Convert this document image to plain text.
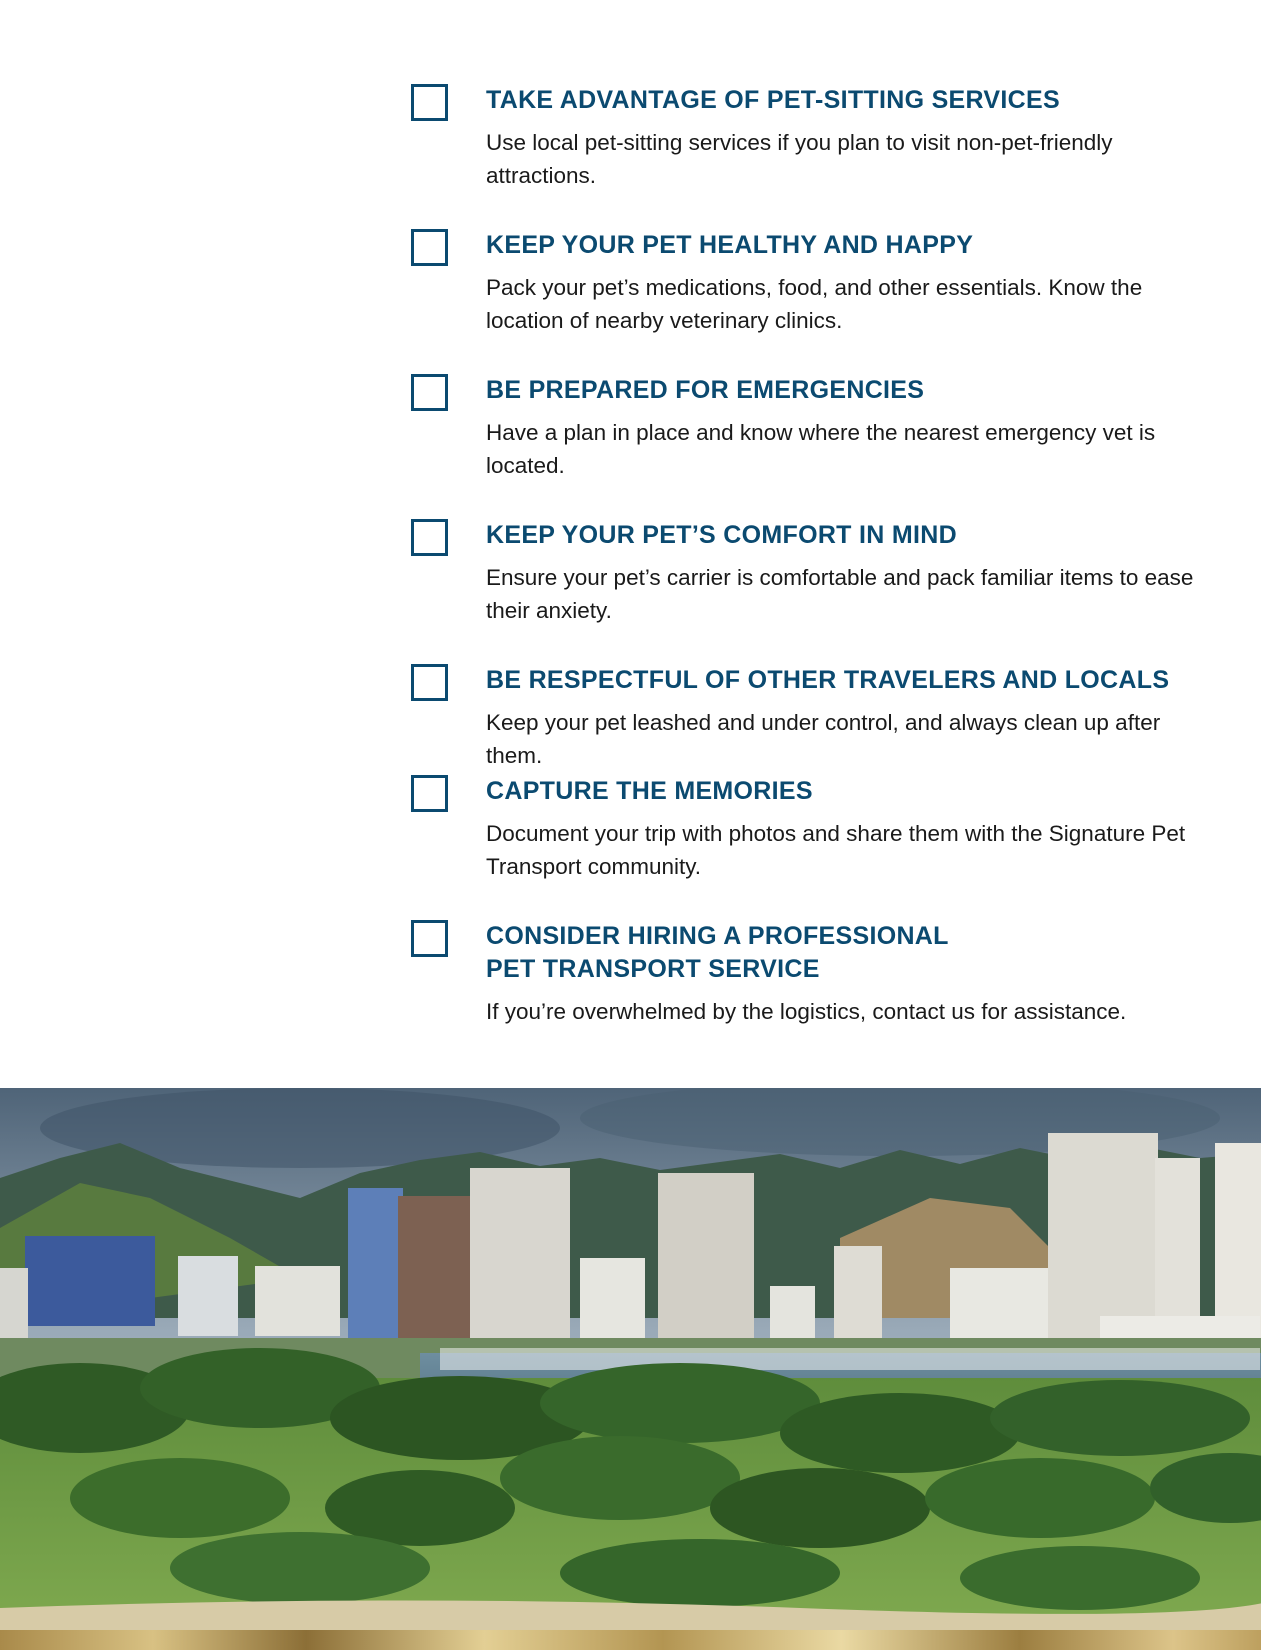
TAKE ADVANTAGE OF PET-SITTING SERVICES

Use local pet-sitting services if you plan to visit non-pet-friendly attractions.

KEEP YOUR PET HEALTHY AND HAPPY

Pack your pet’s medications, food, and other essentials. Know the location of nearby veterinary clinics.

BE PREPARED FOR EMERGENCIES

Have a plan in place and know where the nearest emergency vet is located.

KEEP YOUR PET’S COMFORT IN MIND

Ensure your pet’s carrier is comfortable and pack familiar items to ease their anxiety.

BE RESPECTFUL OF OTHER TRAVELERS AND LOCALS

Keep your pet leashed and under control, and always clean up after them.

CAPTURE THE MEMORIES

Document your trip with photos and share them with the Signature Pet Transport community.

CONSIDER HIRING A PROFESSIONAL
PET TRANSPORT SERVICE

If you’re overwhelmed by the logistics, contact us for assistance.
